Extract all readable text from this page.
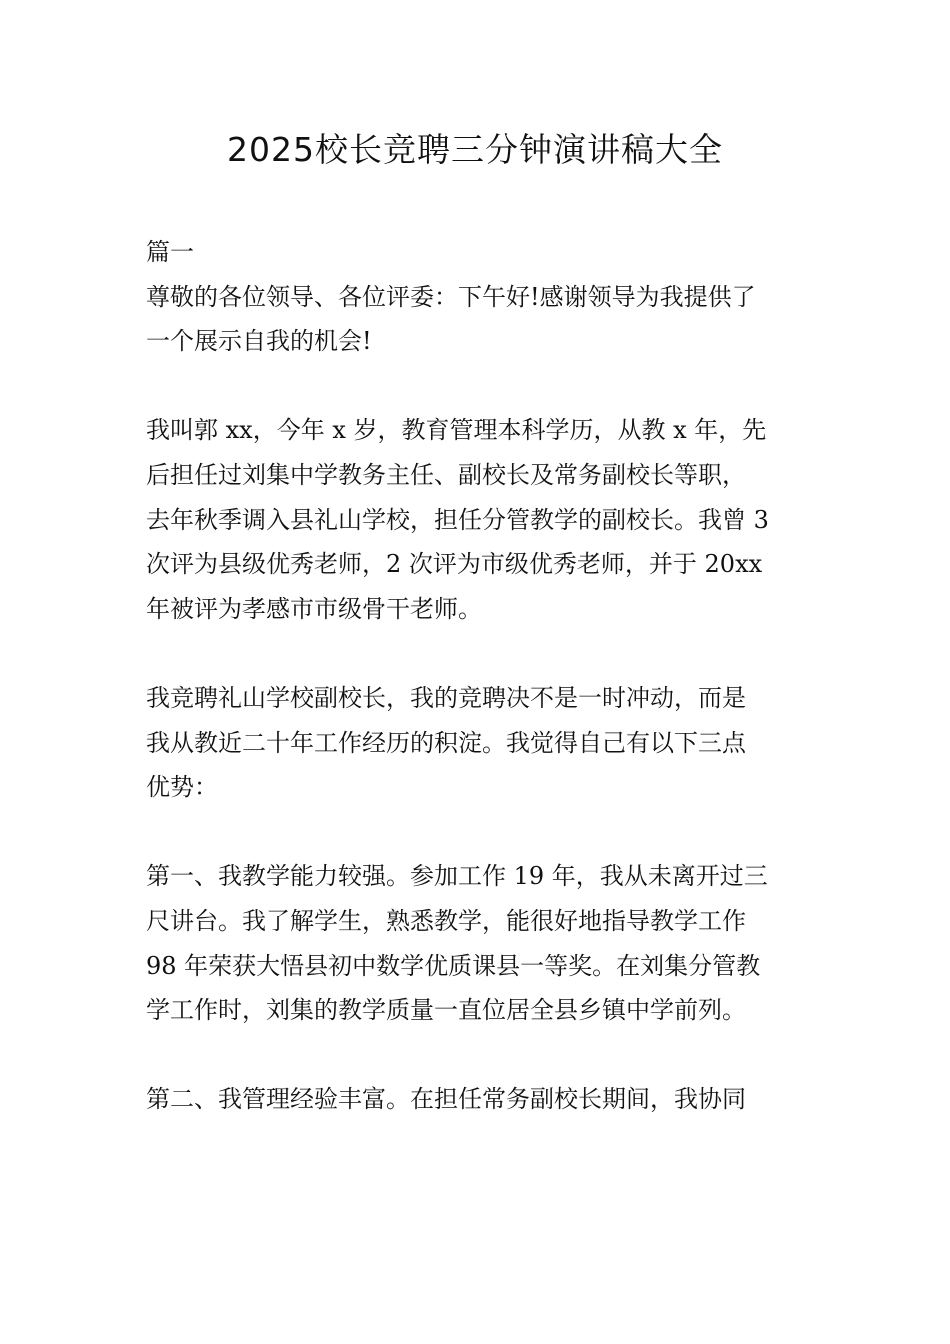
2025校长竞聘三分钟演讲稿大全
篇一
尊敬的各位领导、各位评委：下午好!感谢领导为我提供了
一个展示自我的机会!
我叫郭 xx，今年 x 岁，教育管理本科学历，从教 x 年，先
后担任过刘集中学教务主任、副校长及常务副校长等职，
去年秋季调入县礼山学校，担任分管教学的副校长。我曾 3
次评为县级优秀老师，2 次评为市级优秀老师，并于 20xx
年被评为孝感市市级骨干老师。
我竞聘礼山学校副校长，我的竞聘决不是一时冲动，而是
我从教近二十年工作经历的积淀。我觉得自己有以下三点
优势：
第一、我教学能力较强。参加工作 19 年，我从未离开过三
尺讲台。我了解学生，熟悉教学，能很好地指导教学工作
98 年荣获大悟县初中数学优质课县一等奖。在刘集分管教
学工作时，刘集的教学质量一直位居全县乡镇中学前列。
第二、我管理经验丰富。在担任常务副校长期间，我协同
